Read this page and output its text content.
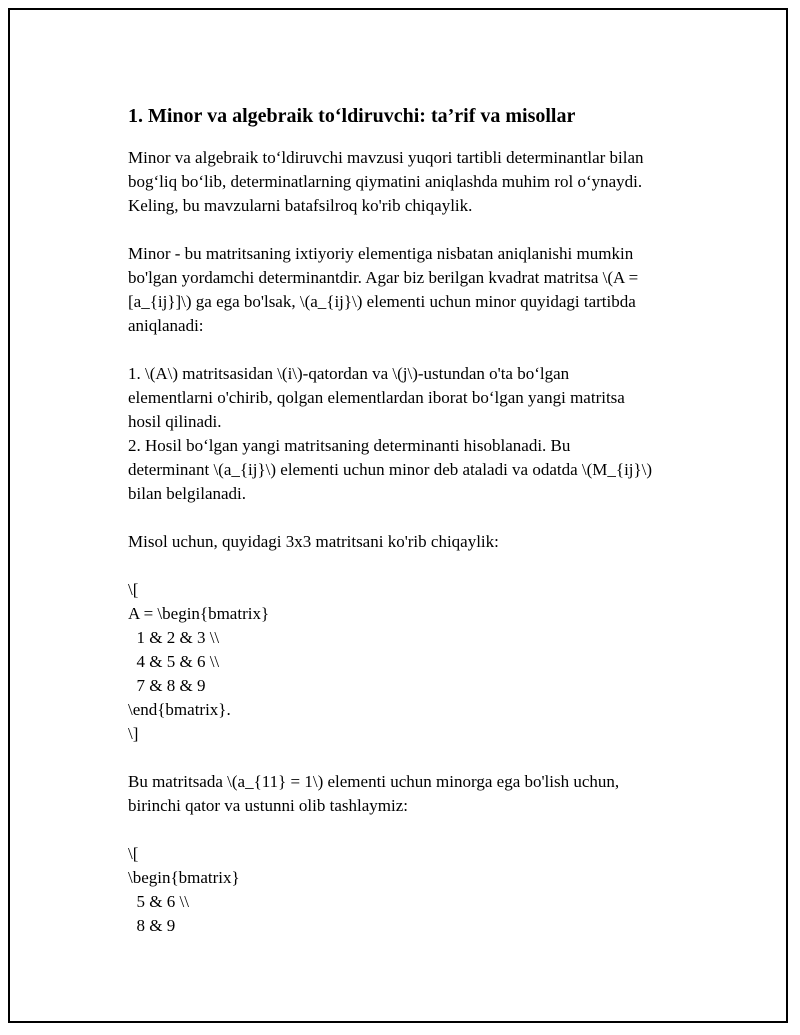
1. Minor va algebraik to‘ldiruvchi: ta’rif va misollar
Minor va algebraik to‘ldiruvchi mavzusi yuqori tartibli determinantlar bilan
bog‘liq bo‘lib, determinatlarning qiymatini aniqlashda muhim rol o‘ynaydi.
Keling, bu mavzularni batafsilroq ko'rib chiqaylik.
Minor - bu matritsaning ixtiyoriy elementiga nisbatan aniqlanishi mumkin
bo'lgan yordamchi determinantdir. Agar biz berilgan kvadrat matritsa \(A =
[a_{ij}]\) ga ega bo'lsak, \(a_{ij}\) elementi uchun minor quyidagi tartibda
aniqlanadi:
1. \(A\) matritsasidan \(i\)-qatordan va \(j\)-ustundan o'ta bo‘lgan
elementlarni o'chirib, qolgan elementlardan iborat bo‘lgan yangi matritsa
hosil qilinadi.
2. Hosil bo‘lgan yangi matritsaning determinanti hisoblanadi. Bu
determinant \(a_{ij}\) elementi uchun minor deb ataladi va odatda \(M_{ij}\)
bilan belgilanadi.
Misol uchun, quyidagi 3x3 matritsani ko'rib chiqaylik:
\[
A = \begin{bmatrix}
1 & 2 & 3 \\
4 & 5 & 6 \\
7 & 8 & 9
\end{bmatrix}.
\]
Bu matritsada \(a_{11} = 1\) elementi uchun minorga ega bo'lish uchun,
birinchi qator va ustunni olib tashlaymiz:
\[
\begin{bmatrix}
5 & 6 \\
8 & 9
